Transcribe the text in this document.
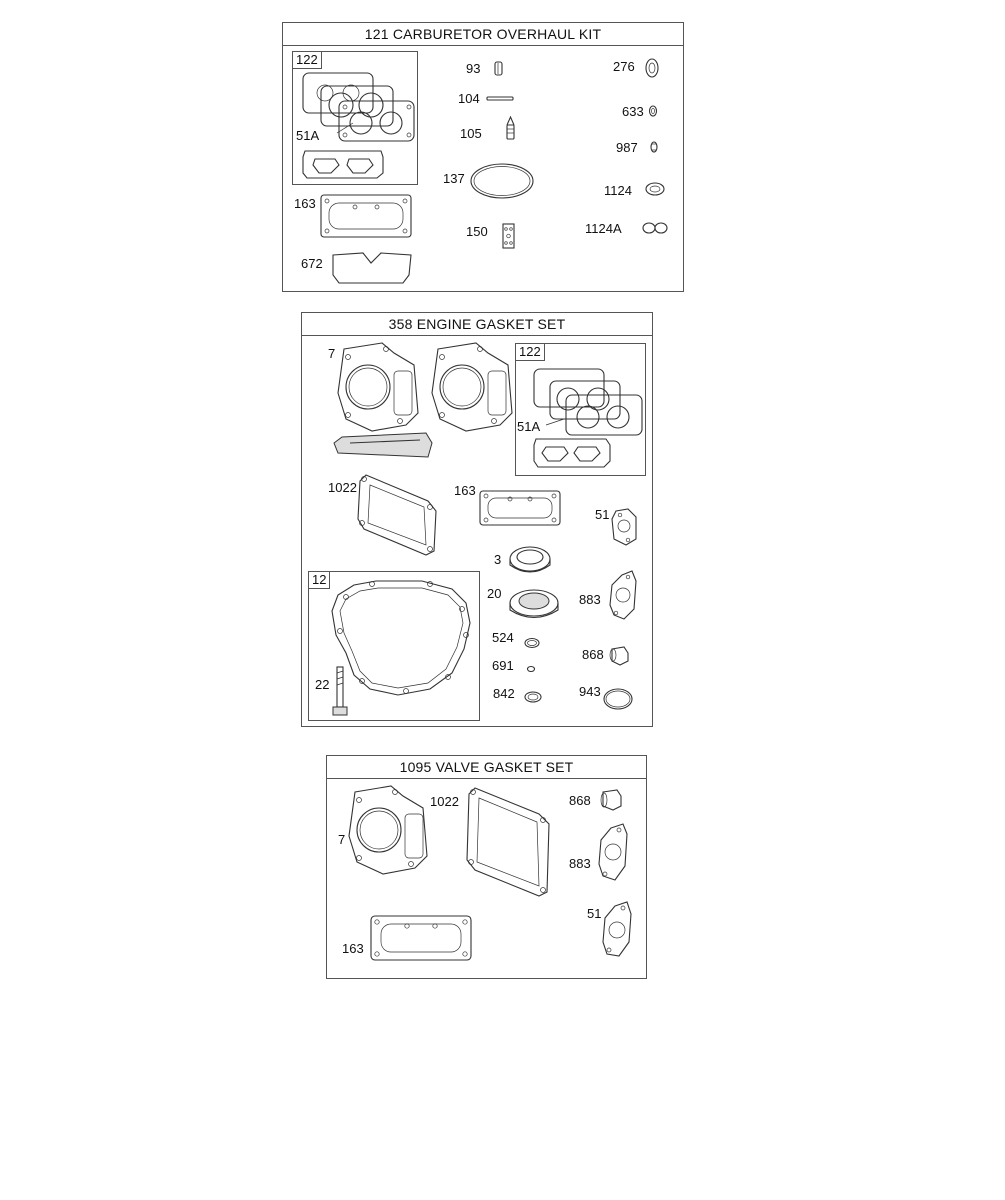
121 CARBURETOR OVERHAUL KIT
122
51A
163
672
93
104
105
137
150
276
633
987
1124
1124A
358 ENGINE GASKET SET
122
12
7
51A
1022	163
51
3
20	883
524
691
868
842	943
22
1095 VALVE GASKET SET
7
1022	868
883
51
163
